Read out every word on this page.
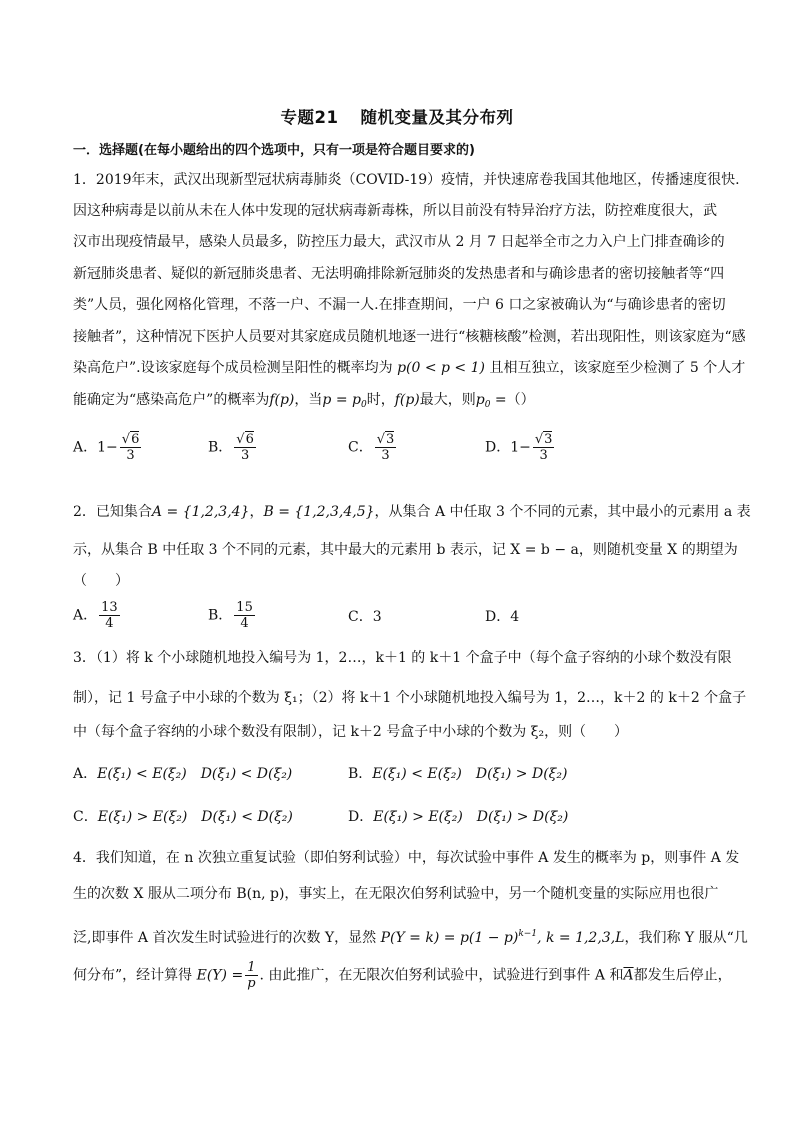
专题21 随机变量及其分布列
一．选择题(在每小题给出的四个选项中，只有一项是符合题目要求的)
1．2019年末，武汉出现新型冠状病毒肺炎（COVID-19）疫情，并快速席卷我国其他地区，传播速度很快.
因这种病毒是以前从未在人体中发现的冠状病毒新毒株，所以目前没有特异治疗方法，防控难度很大，武
汉市出现疫情最早，感染人员最多，防控压力最大，武汉市从 2 月 7 日起举全市之力入户上门排查确诊的
新冠肺炎患者、疑似的新冠肺炎患者、无法明确排除新冠肺炎的发热患者和与确诊患者的密切接触者等“四
类”人员，强化网格化管理，不落一户、不漏一人.在排查期间，一户 6 口之家被确认为“与确诊患者的密切
接触者”，这种情况下医护人员要对其家庭成员随机地逐一进行“核糖核酸”检测，若出现阳性，则该家庭为“感
染高危户”.设该家庭每个成员检测呈阳性的概率均为 p(0 < p < 1) 且相互独立，该家庭至少检测了 5 个人才
能确定为“感染高危户”的概率为f(p)，当$p = p_0$时，f(p)最大，则$p_0$ =（）
A．$1- \frac{√6}{3}$	B． $\frac{√6}{3}$	C． $\frac{√3}{3}$	D．$1- \frac{√3}{3}$
2．已知集合A = {1,2,3,4}，B = {1,2,3,4,5}，从集合 A 中任取 3 个不同的元素，其中最小的元素用 a 表
示，从集合 B 中任取 3 个不同的元素，其中最大的元素用 b 表示，记 X = b − a，则随机变量 X 的期望为
（　　）
A． $\frac{13}{4}$	B． $\frac{15}{4}$	C．3	D．4
3．（1）将 k 个小球随机地投入编号为 1，2…，k＋1 的 k＋1 个盒子中（每个盒子容纳的小球个数没有限
制），记 1 号盒子中小球的个数为 ξ₁；（2）将 k＋1 个小球随机地投入编号为 1，2…，k＋2 的 k＋2 个盒子
中（每个盒子容纳的小球个数没有限制），记 k＋2 号盒子中小球的个数为 ξ₂，则（　　）
A．E(ξ₁) < E(ξ₂)　D(ξ₁) < D(ξ₂)	B．E(ξ₁) < E(ξ₂)　D(ξ₁) > D(ξ₂)
C．E(ξ₁) > E(ξ₂)　D(ξ₁) < D(ξ₂)	D．E(ξ₁) > E(ξ₂)　D(ξ₁) > D(ξ₂)
4．我们知道，在 n 次独立重复试验（即伯努利试验）中，每次试验中事件 A 发生的概率为 p，则事件 A 发
生的次数 X 服从二项分布 B(n, p)，事实上，在无限次伯努利试验中，另一个随机变量的实际应用也很广
泛,即事件 A 首次发生时试验进行的次数 Y，显然 $P(Y = k) = p(1 - p)^{k-1}$, k = 1,2,3,L，我们称 Y 服从“几
何分布”，经计算得 $E(Y) = \frac{1}{p}$ . 由此推广，在无限次伯努利试验中，试验进行到事件 A 和$\overline{A}$都发生后停止，
